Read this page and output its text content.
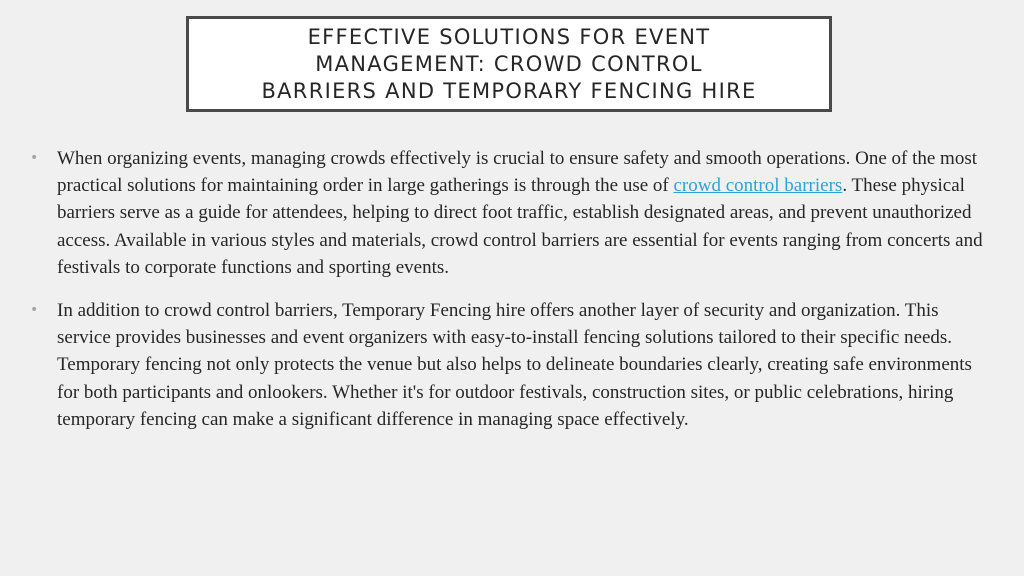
EFFECTIVE SOLUTIONS FOR EVENT
MANAGEMENT: CROWD CONTROL
BARRIERS AND TEMPORARY FENCING HIRE
• When organizing events, managing crowds effectively is crucial to ensure safety and smooth operations. One of the most practical solutions for maintaining order in large gatherings is through the use of crowd control barriers. These physical barriers serve as a guide for attendees, helping to direct foot traffic, establish designated areas, and prevent unauthorized access. Available in various styles and materials, crowd control barriers are essential for events ranging from concerts and festivals to corporate functions and sporting events.
• In addition to crowd control barriers, Temporary Fencing hire offers another layer of security and organization. This service provides businesses and event organizers with easy-to-install fencing solutions tailored to their specific needs. Temporary fencing not only protects the venue but also helps to delineate boundaries clearly, creating safe environments for both participants and onlookers. Whether it's for outdoor festivals, construction sites, or public celebrations, hiring temporary fencing can make a significant difference in managing space effectively.
